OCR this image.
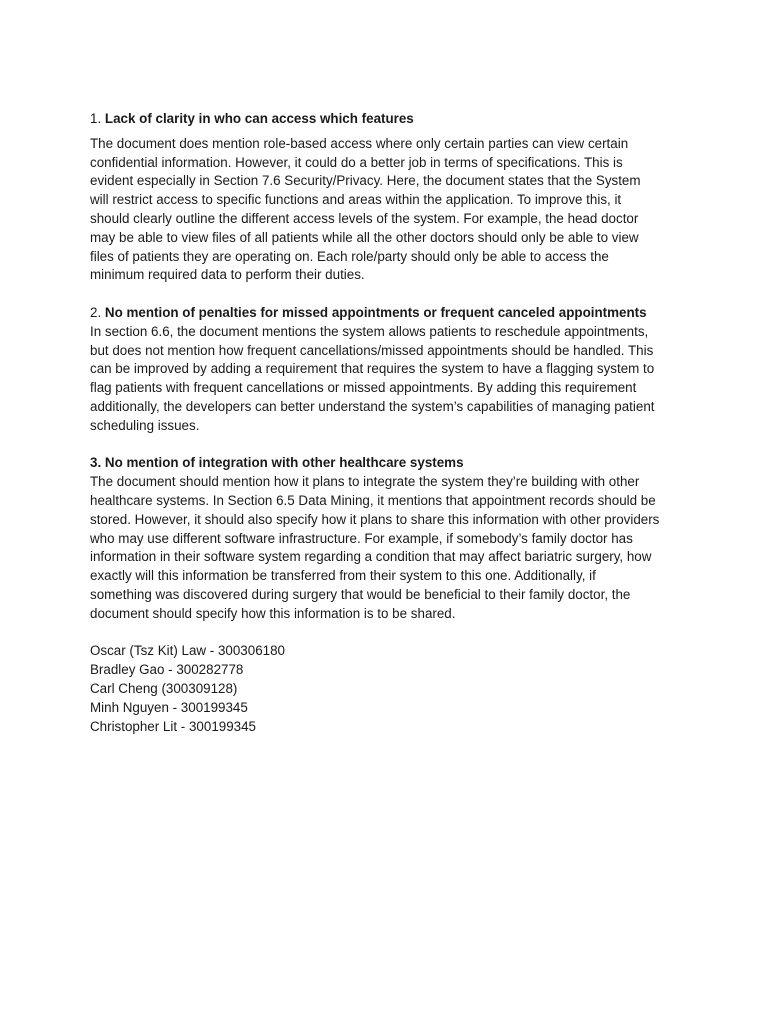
1. Lack of clarity in who can access which features

The document does mention role-based access where only certain parties can view certain
confidential information. However, it could do a better job in terms of specifications. This is
evident especially in Section 7.6 Security/Privacy. Here, the document states that the System
will restrict access to specific functions and areas within the application. To improve this, it
should clearly outline the different access levels of the system. For example, the head doctor
may be able to view files of all patients while all the other doctors should only be able to view
files of patients they are operating on. Each role/party should only be able to access the
minimum required data to perform their duties.

2. No mention of penalties for missed appointments or frequent canceled appointments

In section 6.6, the document mentions the system allows patients to reschedule appointments,
but does not mention how frequent cancellations/missed appointments should be handled. This
can be improved by adding a requirement that requires the system to have a flagging system to
flag patients with frequent cancellations or missed appointments. By adding this requirement
additionally, the developers can better understand the system’s capabilities of managing patient
scheduling issues.

3. No mention of integration with other healthcare systems

The document should mention how it plans to integrate the system they’re building with other
healthcare systems. In Section 6.5 Data Mining, it mentions that appointment records should be
stored. However, it should also specify how it plans to share this information with other providers
who may use different software infrastructure. For example, if somebody’s family doctor has
information in their software system regarding a condition that may affect bariatric surgery, how
exactly will this information be transferred from their system to this one. Additionally, if
something was discovered during surgery that would be beneficial to their family doctor, the
document should specify how this information is to be shared.

Oscar (Tsz Kit) Law - 300306180
Bradley Gao - 300282778
Carl Cheng (300309128)
Minh Nguyen - 300199345
Christopher Lit - 300199345
